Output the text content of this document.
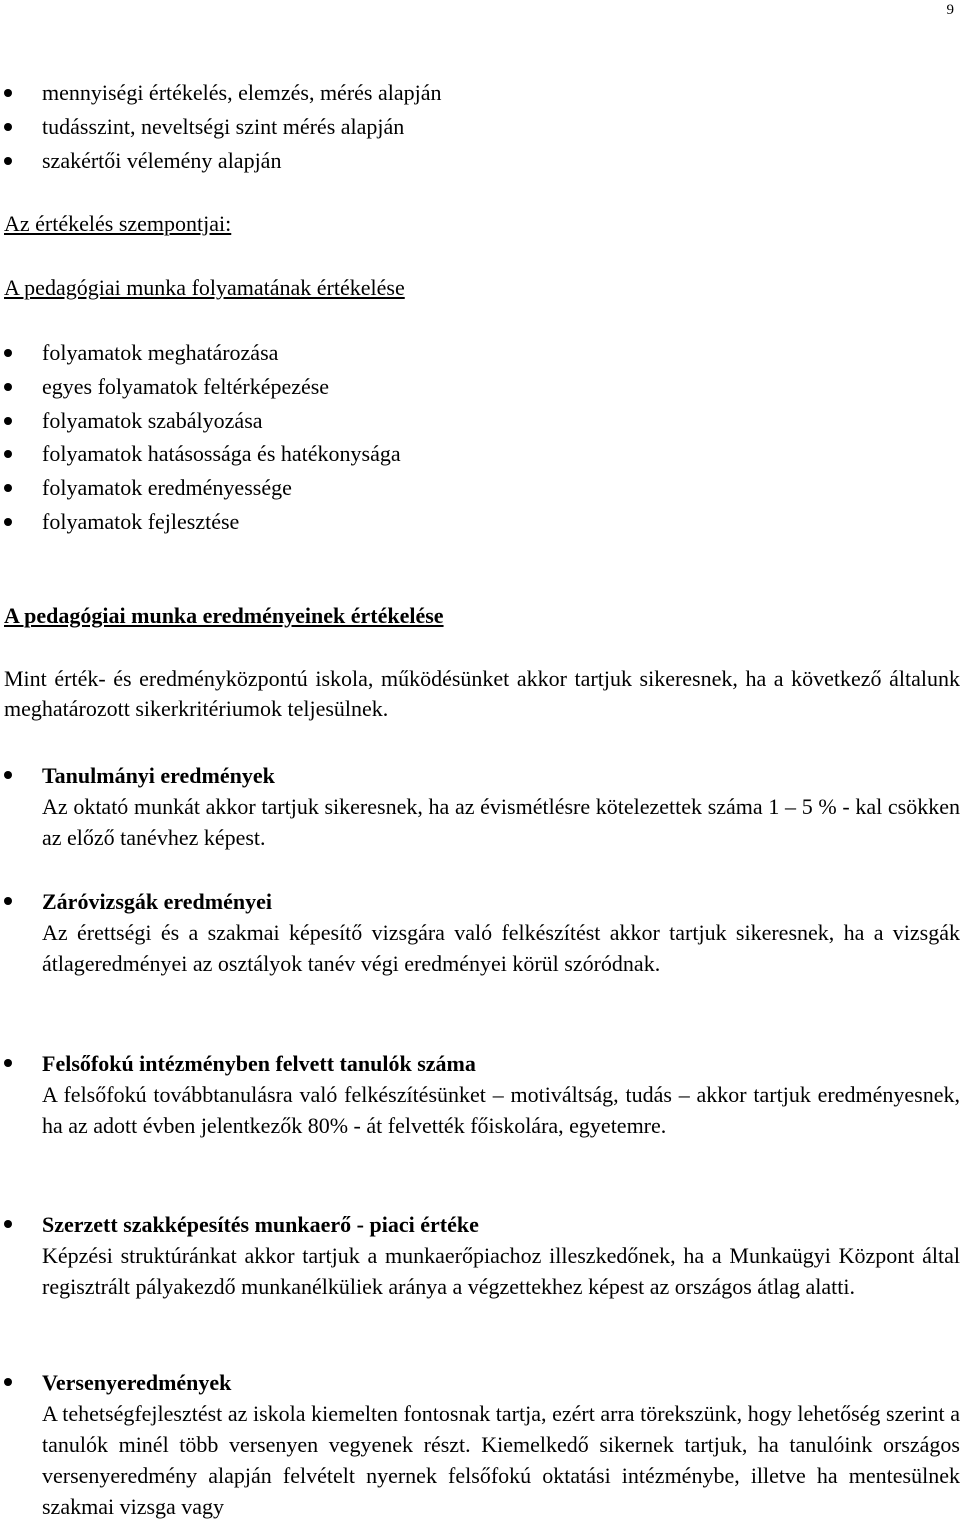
9
mennyiségi értékelés, elemzés, mérés alapján
tudásszint, neveltségi szint mérés alapján
szakértői vélemény alapján
Az értékelés szempontjai:
A pedagógiai munka folyamatának értékelése
folyamatok meghatározása
egyes folyamatok feltérképezése
folyamatok szabályozása
folyamatok hatásossága és hatékonysága
folyamatok eredményessége
folyamatok fejlesztése
A pedagógiai munka eredményeinek értékelése
Mint érték- és eredményközpontú iskola, működésünket akkor tartjuk sikeresnek, ha a következő általunk meghatározott sikerkritériumok teljesülnek.
Tanulmányi eredmények
Az oktató munkát akkor tartjuk sikeresnek, ha az évismétlésre kötelezettek száma 1 – 5 % - kal csökken az előző tanévhez képest.
Záróvizsgák eredményei
Az érettségi és a szakmai képesítő vizsgára való felkészítést akkor tartjuk sikeresnek, ha a vizsgák átlageredményei az osztályok tanév végi eredményei körül szóródnak.
Felsőfokú intézményben felvett tanulók száma
A felsőfokú továbbtanulásra való felkészítésünket – motiváltság, tudás – akkor tartjuk eredményesnek, ha az adott évben jelentkezők 80% - át felvették főiskolára, egyetemre.
Szerzett szakképesítés munkaerő - piaci értéke
Képzési struktúránkat akkor tartjuk a munkaerőpiachoz illeszkedőnek, ha a Munkaügyi Központ által regisztrált pályakezdő munkanélküliek aránya a végzettekhez képest az országos átlag alatti.
Versenyeredmények
A tehetségfejlesztést az iskola kiemelten fontosnak tartja, ezért arra törekszünk, hogy lehetőség szerint a tanulók minél több versenyen vegyenek részt. Kiemelkedő sikernek tartjuk, ha tanulóink országos versenyeredmény alapján felvételt nyernek felsőfokú oktatási intézménybe, illetve ha mentesülnek szakmai vizsga vagy
